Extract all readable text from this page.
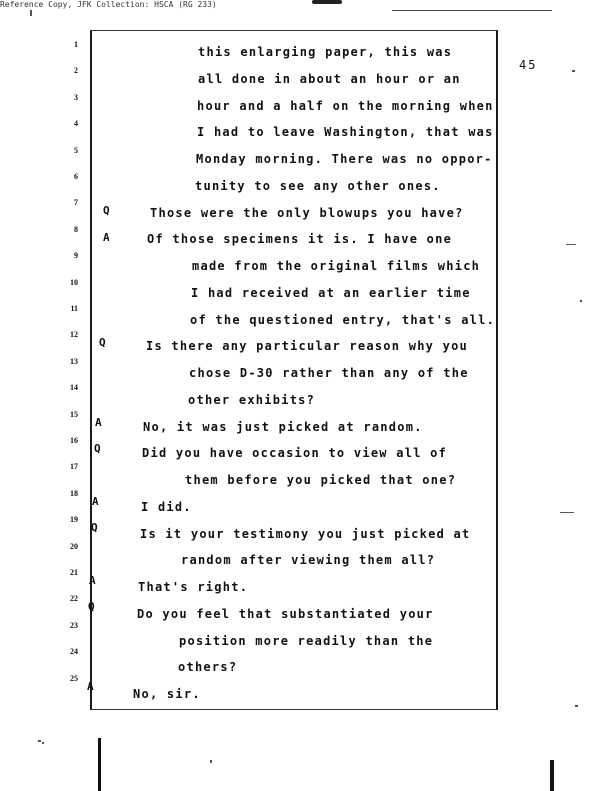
Reference Copy, JFK Collection: HSCA (RG 233)
45
1
this enlarging paper, this was
2
all done in about an hour or an
3
hour and a half on the morning when
4
I had to leave Washington, that was
5
Monday morning. There was no oppor-
6
tunity to see any other ones.
7
Q	Those were the only blowups you have?
8
A	Of those specimens it is. I have one
9
made from the original films which
10
I had received at an earlier time
11
of the questioned entry, that's all.
12
Q	Is there any particular reason why you
13
chose D-30 rather than any of the
14
other exhibits?
15
A	No, it was just picked at random.
16
Q	Did you have occasion to view all of
17
them before you picked that one?
18
A	I did.
19
Q	Is it your testimony you just picked at
20
random after viewing them all?
21
A	That's right.
22
Q	Do you feel that substantiated your
23
position more readily than the
24
others?
25
A
No, sir.
